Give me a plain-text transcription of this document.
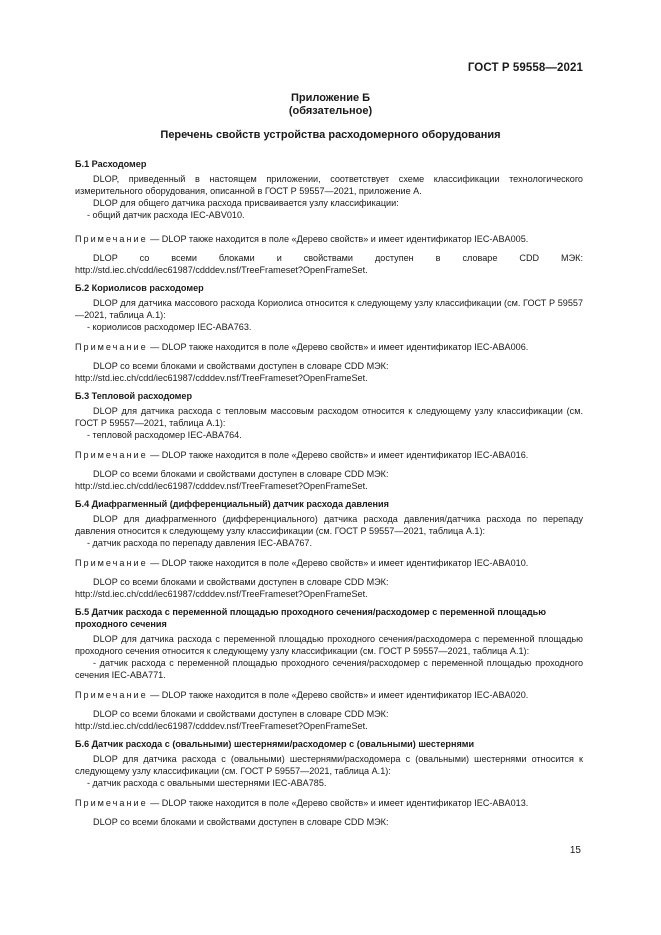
ГОСТ Р 59558—2021
Приложение Б
(обязательное)
Перечень свойств устройства расходомерного оборудования

Б.1 Расходомер

DLOP, приведенный в настоящем приложении, соответствует схеме классификации технологического измерительного оборудования, описанной в ГОСТ Р 59557—2021, приложение А.

DLOP для общего датчика расхода присваивается узлу классификации:

- общий датчик расхода IEC-ABV010.

Примечание — DLOP также находится в поле «Дерево свойств» и имеет идентификатор IEC-ABA005.

DLOP со всеми блоками и свойствами доступен в словаре CDD МЭК: http://std.iec.ch/cdd/iec61987/cdddev.nsf/TreeFrameset?OpenFrameSet.

Б.2 Кориолисов расходомер

DLOP для датчика массового расхода Кориолиса относится к следующему узлу классификации (см. ГОСТ Р 59557—2021, таблица А.1):

- кориолисов расходомер IEC-ABA763.

Примечание — DLOP также находится в поле «Дерево свойств» и имеет идентификатор IEC-ABA006.

DLOP со всеми блоками и свойствами доступен в словаре CDD МЭК:

http://std.iec.ch/cdd/iec61987/cdddev.nsf/TreeFrameset?OpenFrameSet.

Б.3 Тепловой расходомер

DLOP для датчика расхода с тепловым массовым расходом относится к следующему узлу классификации (см. ГОСТ Р 59557—2021, таблица А.1):

- тепловой расходомер IEC-ABA764.

Примечание — DLOP также находится в поле «Дерево свойств» и имеет идентификатор IEC-ABA016.

DLOP со всеми блоками и свойствами доступен в словаре CDD МЭК:

http://std.iec.ch/cdd/iec61987/cdddev.nsf/TreeFrameset?OpenFrameSet.

Б.4 Диафрагменный (дифференциальный) датчик расхода давления

DLOP для диафрагменного (дифференциального) датчика расхода давления/датчика расхода по перепаду давления относится к следующему узлу классификации (см. ГОСТ Р 59557—2021, таблица А.1):

- датчик расхода по перепаду давления IEC-ABA767.

Примечание — DLOP также находится в поле «Дерево свойств» и имеет идентификатор IEC-ABA010.

DLOP со всеми блоками и свойствами доступен в словаре CDD МЭК:

http://std.iec.ch/cdd/iec61987/cdddev.nsf/TreeFrameset?OpenFrameSet.

Б.5 Датчик расхода с переменной площадью проходного сечения/расходомер с переменной площадью проходного сечения

DLOP для датчика расхода с переменной площадью проходного сечения/расходомера с переменной площадью проходного сечения относится к следующему узлу классификации (см. ГОСТ Р 59557—2021, таблица А.1):

- датчик расхода с переменной площадью проходного сечения/расходомер с переменной площадью проходного сечения IEC-ABA771.

Примечание — DLOP также находится в поле «Дерево свойств» и имеет идентификатор IEC-ABA020.

DLOP со всеми блоками и свойствами доступен в словаре CDD МЭК:

http://std.iec.ch/cdd/iec61987/cdddev.nsf/TreeFrameset?OpenFrameSet.

Б.6 Датчик расхода с (овальными) шестернями/расходомер с (овальными) шестернями

DLOP для датчика расхода с (овальными) шестернями/расходомера с (овальными) шестернями относится к следующему узлу классификации (см. ГОСТ Р 59557—2021, таблица А.1):

- датчик расхода с овальными шестернями IEC-ABA785.

Примечание — DLOP также находится в поле «Дерево свойств» и имеет идентификатор IEC-ABA013.

DLOP со всеми блоками и свойствами доступен в словаре CDD МЭК:

15
